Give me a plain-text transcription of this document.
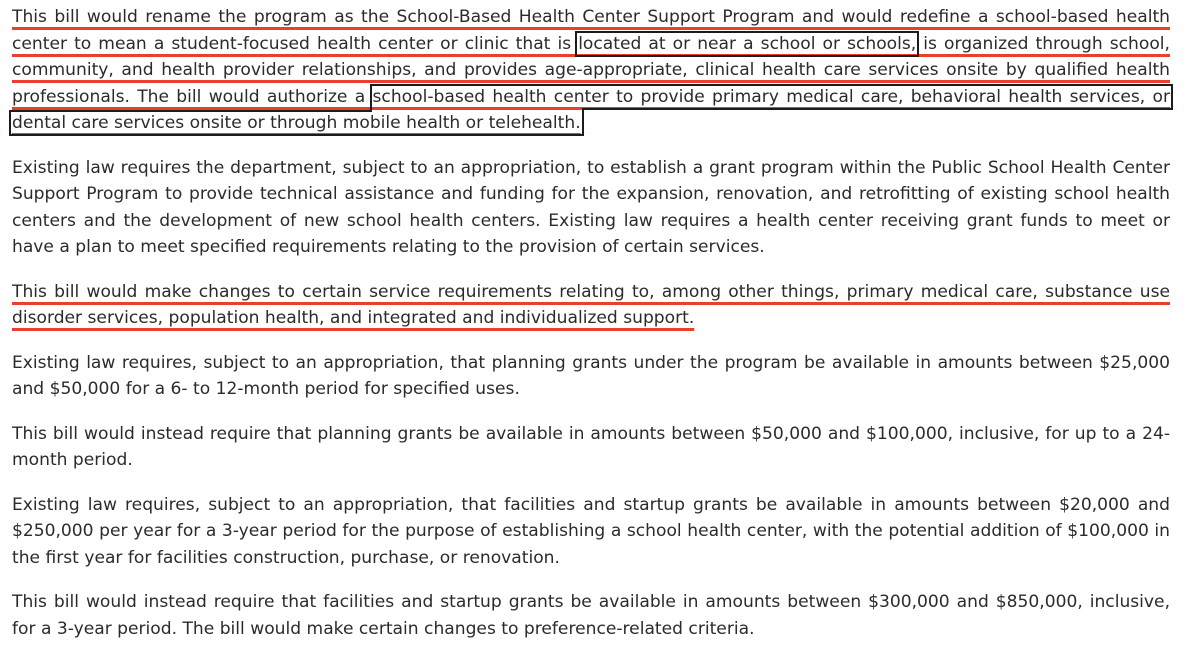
This bill would rename the program as the School-Based Health Center Support Program and would redefine a school-based health center to mean a student-focused health center or clinic that is located at or near a school or schools, is organized through school, community, and health provider relationships, and provides age-appropriate, clinical health care services onsite by qualified health professionals. The bill would authorize a school-based health center to provide primary medical care, behavioral health services, or dental care services onsite or through mobile health or telehealth.

Existing law requires the department, subject to an appropriation, to establish a grant program within the Public School Health Center Support Program to provide technical assistance and funding for the expansion, renovation, and retrofitting of existing school health centers and the development of new school health centers. Existing law requires a health center receiving grant funds to meet or have a plan to meet specified requirements relating to the provision of certain services.

This bill would make changes to certain service requirements relating to, among other things, primary medical care, substance use disorder services, population health, and integrated and individualized support.

Existing law requires, subject to an appropriation, that planning grants under the program be available in amounts between $25,000 and $50,000 for a 6- to 12-month period for specified uses.

This bill would instead require that planning grants be available in amounts between $50,000 and $100,000, inclusive, for up to a 24-month period.

Existing law requires, subject to an appropriation, that facilities and startup grants be available in amounts between $20,000 and $250,000 per year for a 3-year period for the purpose of establishing a school health center, with the potential addition of $100,000 in the first year for facilities construction, purchase, or renovation.

This bill would instead require that facilities and startup grants be available in amounts between $300,000 and $850,000, inclusive, for a 3-year period. The bill would make certain changes to preference-related criteria.
